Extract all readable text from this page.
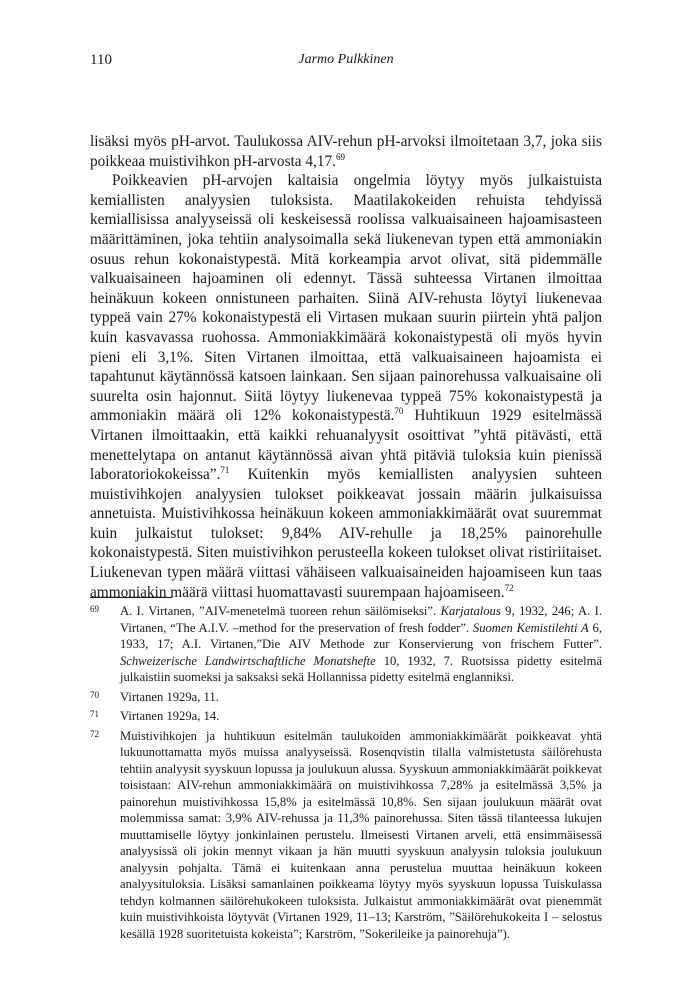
110	Jarmo Pulkkinen

lisäksi myös pH-arvot. Taulukossa AIV-rehun pH-arvoksi ilmoitetaan 3,7, joka siis poikkeaa muistivihkon pH-arvosta 4,17.69

Poikkeavien pH-arvojen kaltaisia ongelmia löytyy myös julkaistuista kemiallisten analyysien tuloksista. Maatilakokeiden rehuista tehdyissä kemiallisissa analyyseissä oli keskeisessä roolissa valkuaisaineen hajoamisasteen määrittäminen, joka tehtiin analysoimalla sekä liukenevan typen että ammoniakin osuus rehun kokonaistypestä. Mitä korkeampia arvot olivat, sitä pidemmälle valkuaisaineen hajoaminen oli edennyt. Tässä suhteessa Virtanen ilmoittaa heinäkuun kokeen onnistuneen parhaiten. Siinä AIV-rehusta löytyi liukenevaa typpeä vain 27% kokonaistypestä eli Virtasen mukaan suurin piirtein yhtä paljon kuin kasvavassa ruohossa. Ammoniakkimäärä kokonaistypestä oli myös hyvin pieni eli 3,1%. Siten Virtanen ilmoittaa, että valkuaisaineen hajoamista ei tapahtunut käytännössä katsoen lainkaan. Sen sijaan painorehussa valkuaisaine oli suurelta osin hajonnut. Siitä löytyy liukenevaa typpeä 75% kokonaistypestä ja ammoniakin määrä oli 12% kokonaistypestä.$^{70}$ Huhtikuun 1929 esitelmässä Virtanen ilmoittaakin, että kaikki rehuanalyysit osoittivat ”yhtä pitävästi, että menettelytapa on antanut käytännössä aivan yhtä pitäviä tuloksia kuin pienissä laboratoriokokeissa”.$^{71}$ Kuitenkin myös kemiallisten analyysien suhteen muistivihkojen analyysien tulokset poikkeavat jossain määrin julkaisuissa annetuista. Muistivihkossa heinäkuun kokeen ammoniakkimäärät ovat suuremmat kuin julkaistut tulokset: 9,84% AIV-rehulle ja 18,25% painorehulle kokonaistypestä. Siten muistivihkon perusteella kokeen tulokset olivat ristiriitaiset. Liukenevan typen määrä viittasi vähäiseen valkuaisaineiden hajoamiseen kun taas ammoniakin määrä viittasi huomattavasti suurempaan hajoamiseen.$^{72}$

69 A. I. Virtanen, ”AIV-menetelmä tuoreen rehun säilömiseksi”. Karjatalous 9, 1932, 246; A. I. Virtanen, “The A.I.V. –method for the preservation of fresh fodder”. Suomen Kemistilehti A 6, 1933, 17; A.I. Virtanen,”Die AIV Methode zur Konservierung von frischem Futter”. Schweizerische Landwirtschaftliche Monatshefte 10, 1932, 7. Ruotsissa pidetty esitelmä julkaistiin suomeksi ja saksaksi sekä Hollannissa pidetty esitelmä englanniksi.
70 Virtanen 1929a, 11.
71 Virtanen 1929a, 14.
72 Muistivihkojen ja huhtikuun esitelmän taulukoiden ammoniakkimäärät poikkeavat yhtä lukuunottamatta myös muissa analyyseissä. Rosenqvistin tilalla valmistetusta säilörehusta tehtiin analyysit syyskuun lopussa ja joulukuun alussa. Syyskuun ammoniakkimäärät poikkevat toisistaan: AIV-rehun ammoniakkimäärä on muistivihkossa 7,28% ja esitelmässä 3,5% ja painorehun muistivihkossa 15,8% ja esitelmässä 10,8%. Sen sijaan joulukuun määrät ovat molemmissa samat: 3,9% AIV-rehussa ja 11,3% painorehussa. Siten tässä tilanteessa lukujen muuttamiselle löytyy jonkinlainen perustelu. Ilmeisesti Virtanen arveli, että ensimmäisessä analyysissä oli jokin mennyt vikaan ja hän muutti syyskuun analyysin tuloksia joulukuun analyysin pohjalta. Tämä ei kuitenkaan anna perustelua muuttaa heinäkuun kokeen analyysituloksia. Lisäksi samanlainen poikkeama löytyy myös syyskuun lopussa Tuiskulassa tehdyn kolmannen säilörehukokeen tuloksista. Julkaistut ammoniakkimäärät ovat pienemmät kuin muistivihkoista löytyvät (Virtanen 1929, 11–13; Karström, ”Säilörehukokeita I – selostus kesällä 1928 suoritetuista kokeista”; Karström, ”Sokerileike ja painorehuja”).
